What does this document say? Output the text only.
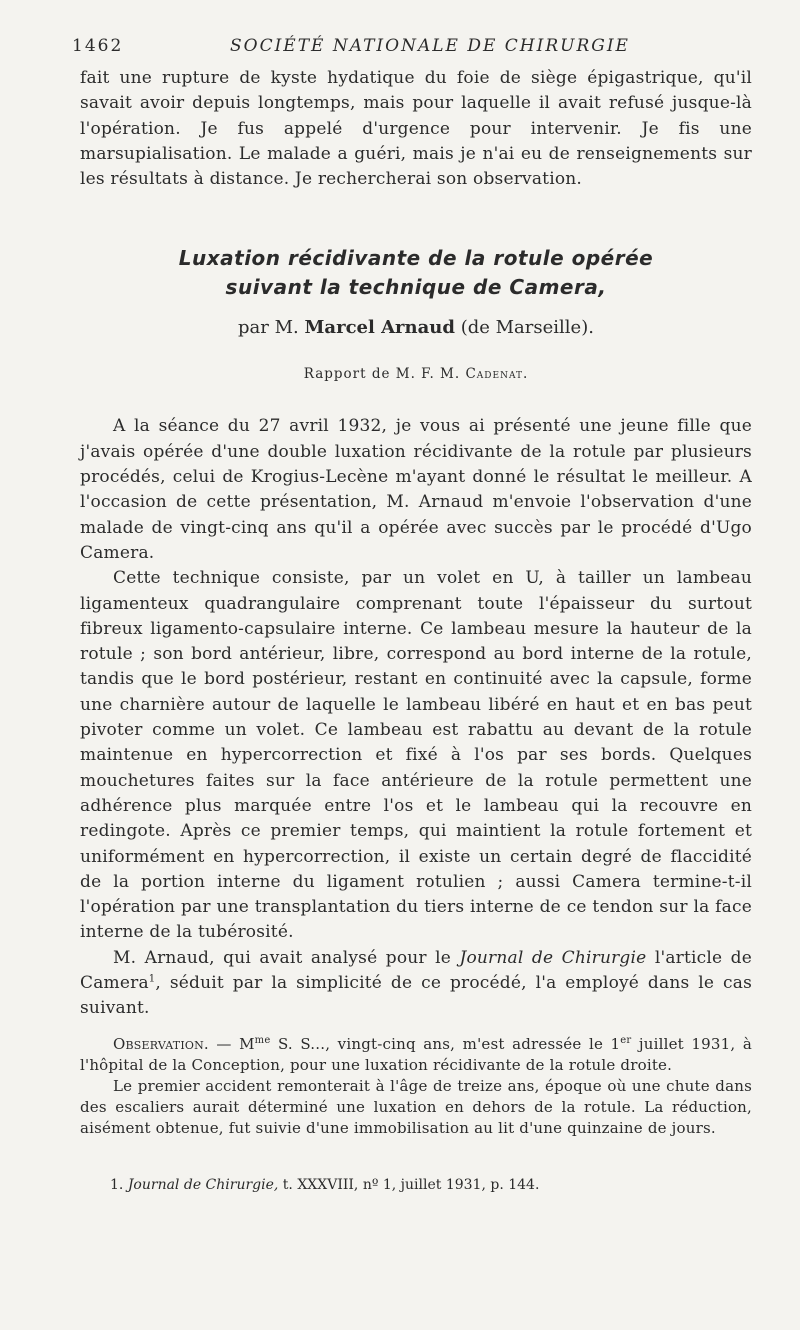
1462	SOCIÉTÉ NATIONALE DE CHIRURGIE

fait une rupture de kyste hydatique du foie de siège épigastrique, qu'il savait avoir depuis longtemps, mais pour laquelle il avait refusé jusque-là l'opération. Je fus appelé d'urgence pour intervenir. Je fis une marsupialisation. Le malade a guéri, mais je n'ai eu de renseignements sur les résultats à distance. Je rechercherai son observation.

Luxation récidivante de la rotule opérée
suivant la technique de Camera,
par M. Marcel Arnaud (de Marseille).
Rapport de M. F. M. Cadenat.

A la séance du 27 avril 1932, je vous ai présenté une jeune fille que j'avais opérée d'une double luxation récidivante de la rotule par plusieurs procédés, celui de Krogius-Lecène m'ayant donné le résultat le meilleur. A l'occasion de cette présentation, M. Arnaud m'envoie l'observation d'une malade de vingt-cinq ans qu'il a opérée avec succès par le procédé d'Ugo Camera.

Cette technique consiste, par un volet en U, à tailler un lambeau ligamenteux quadrangulaire comprenant toute l'épaisseur du surtout fibreux ligamento-capsulaire interne. Ce lambeau mesure la hauteur de la rotule ; son bord antérieur, libre, correspond au bord interne de la rotule, tandis que le bord postérieur, restant en continuité avec la capsule, forme une charnière autour de laquelle le lambeau libéré en haut et en bas peut pivoter comme un volet. Ce lambeau est rabattu au devant de la rotule maintenue en hypercorrection et fixé à l'os par ses bords. Quelques mouchetures faites sur la face antérieure de la rotule permettent une adhérence plus marquée entre l'os et le lambeau qui la recouvre en redingote. Après ce premier temps, qui maintient la rotule fortement et uniformément en hypercorrection, il existe un certain degré de flaccidité de la portion interne du ligament rotulien ; aussi Camera termine-t-il l'opération par une transplantation du tiers interne de ce tendon sur la face interne de la tubérosité.

M. Arnaud, qui avait analysé pour le Journal de Chirurgie l'article de Camera$^1$, séduit par la simplicité de ce procédé, l'a employé dans le cas suivant.

Observation. — $M^{me}$ S. S..., vingt-cinq ans, m'est adressée le 1er juillet 1931, à l'hôpital de la Conception, pour une luxation récidivante de la rotule droite.

Le premier accident remonterait à l'âge de treize ans, époque où une chute dans des escaliers aurait déterminé une luxation en dehors de la rotule. La réduction, aisément obtenue, fut suivie d'une immobilisation au lit d'une quinzaine de jours.

1. Journal de Chirurgie, t. XXXVIII, nº 1, juillet 1931, p. 144.
